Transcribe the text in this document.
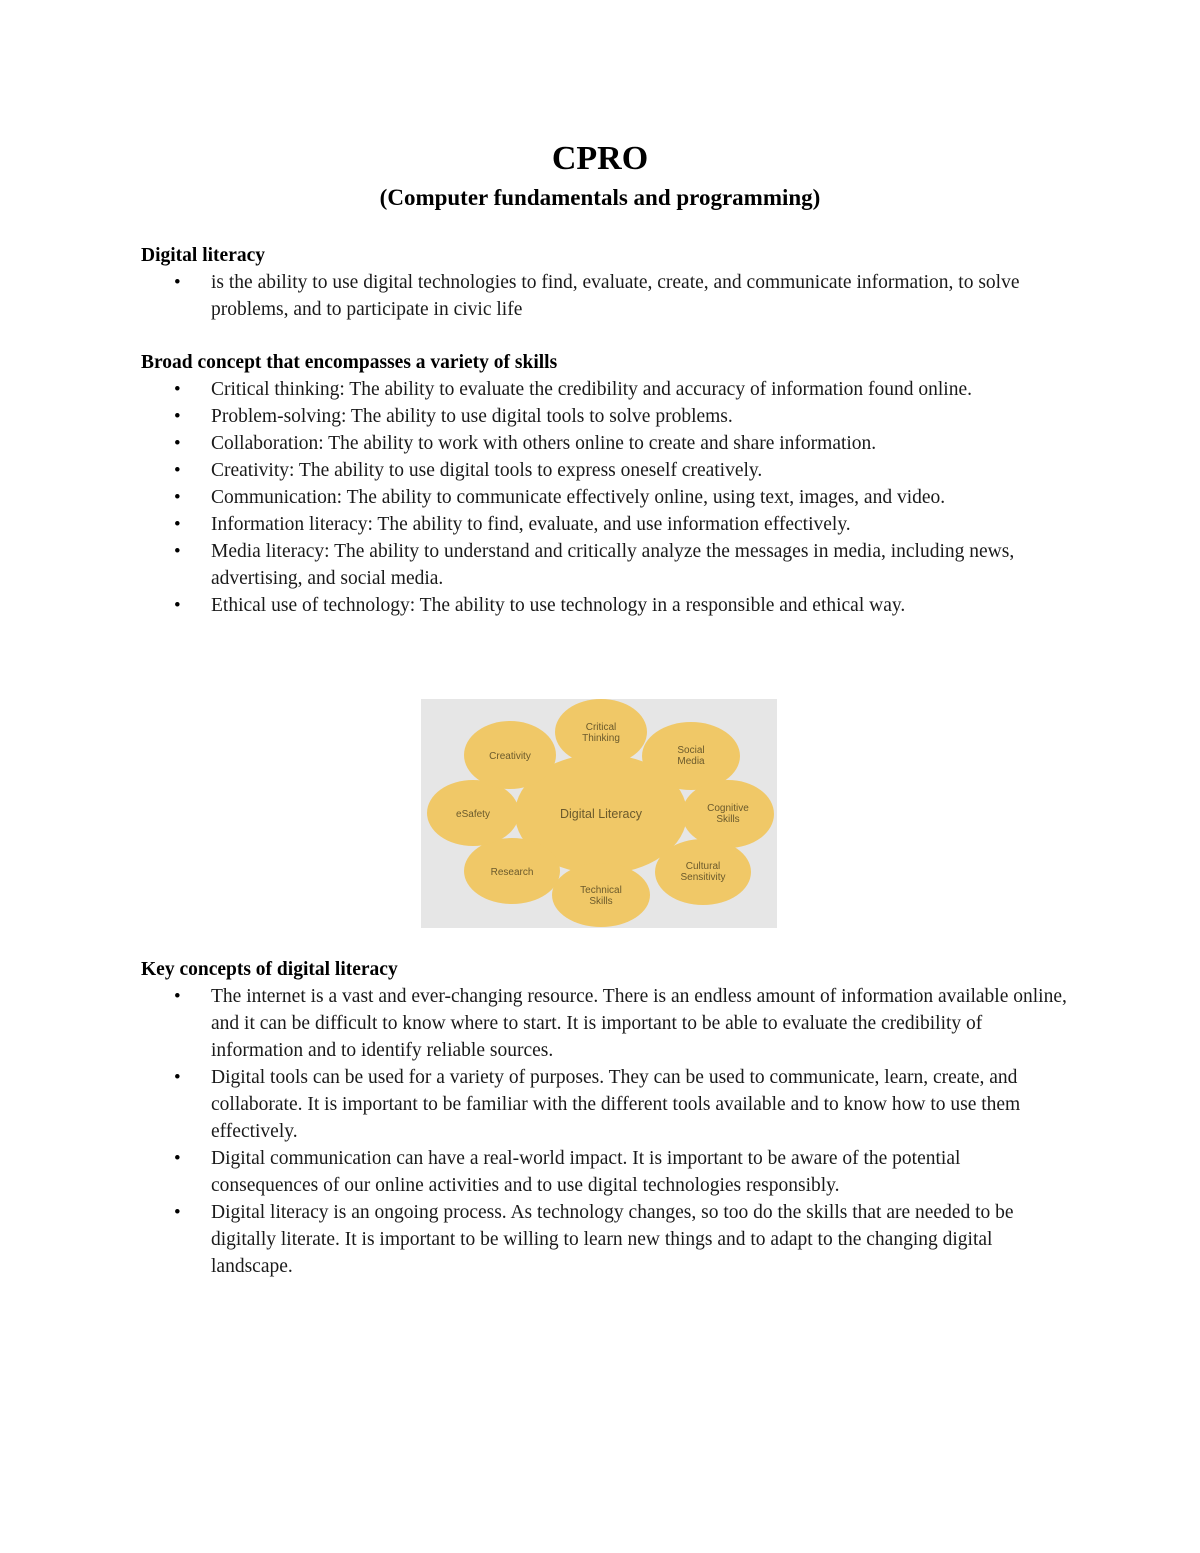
CPRO
(Computer fundamentals and programming)
Digital literacy
• is the ability to use digital technologies to find, evaluate, create, and communicate information, to solve problems, and to participate in civic life
Broad concept that encompasses a variety of skills
• Critical thinking: The ability to evaluate the credibility and accuracy of information found online.
• Problem-solving: The ability to use digital tools to solve problems.
• Collaboration: The ability to work with others online to create and share information.
• Creativity: The ability to use digital tools to express oneself creatively.
• Communication: The ability to communicate effectively online, using text, images, and video.
• Information literacy: The ability to find, evaluate, and use information effectively.
• Media literacy: The ability to understand and critically analyze the messages in media, including news, advertising, and social media.
• Ethical use of technology: The ability to use technology in a responsible and ethical way.
Digital Literacy
Critical
Thinking
Social
Media
Cognitive
Skills
Cultural
Sensitivity
Technical
Skills
Research
eSafety
Creativity
Key concepts of digital literacy
• The internet is a vast and ever-changing resource. There is an endless amount of information available online, and it can be difficult to know where to start. It is important to be able to evaluate the credibility of information and to identify reliable sources.
• Digital tools can be used for a variety of purposes. They can be used to communicate, learn, create, and collaborate. It is important to be familiar with the different tools available and to know how to use them effectively.
• Digital communication can have a real-world impact. It is important to be aware of the potential consequences of our online activities and to use digital technologies responsibly.
• Digital literacy is an ongoing process. As technology changes, so too do the skills that are needed to be digitally literate. It is important to be willing to learn new things and to adapt to the changing digital landscape.
